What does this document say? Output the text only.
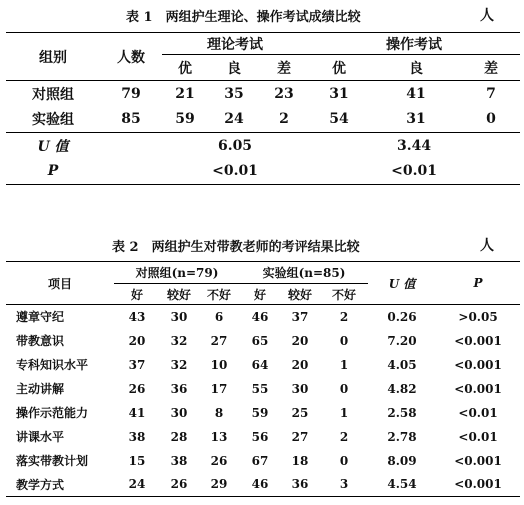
表 1　两组护生理论、操作考试成绩比较	人
组别	人数	理论考试			操作考试		
		优	良	差	优	良	差
对照组	79	21	35	23	31	41	7
实验组	85	59	24	2	54	31	0
U 值		6.05			3.44		
P		<0.01			<0.01		
表 2　两组护生对带教老师的考评结果比较	人
项目	对照组(n=79)			实验组(n=85)			U 值	P
	好	较好	不好	好	较好	不好		
遵章守纪	43	30	6	46	37	2	0.26	>0.05
带教意识	20	32	27	65	20	0	7.20	<0.001
专科知识水平	37	32	10	64	20	1	4.05	<0.001
主动讲解	26	36	17	55	30	0	4.82	<0.001
操作示范能力	41	30	8	59	25	1	2.58	<0.01
讲课水平	38	28	13	56	27	2	2.78	<0.01
落实带教计划	15	38	26	67	18	0	8.09	<0.001
教学方式	24	26	29	46	36	3	4.54	<0.001
